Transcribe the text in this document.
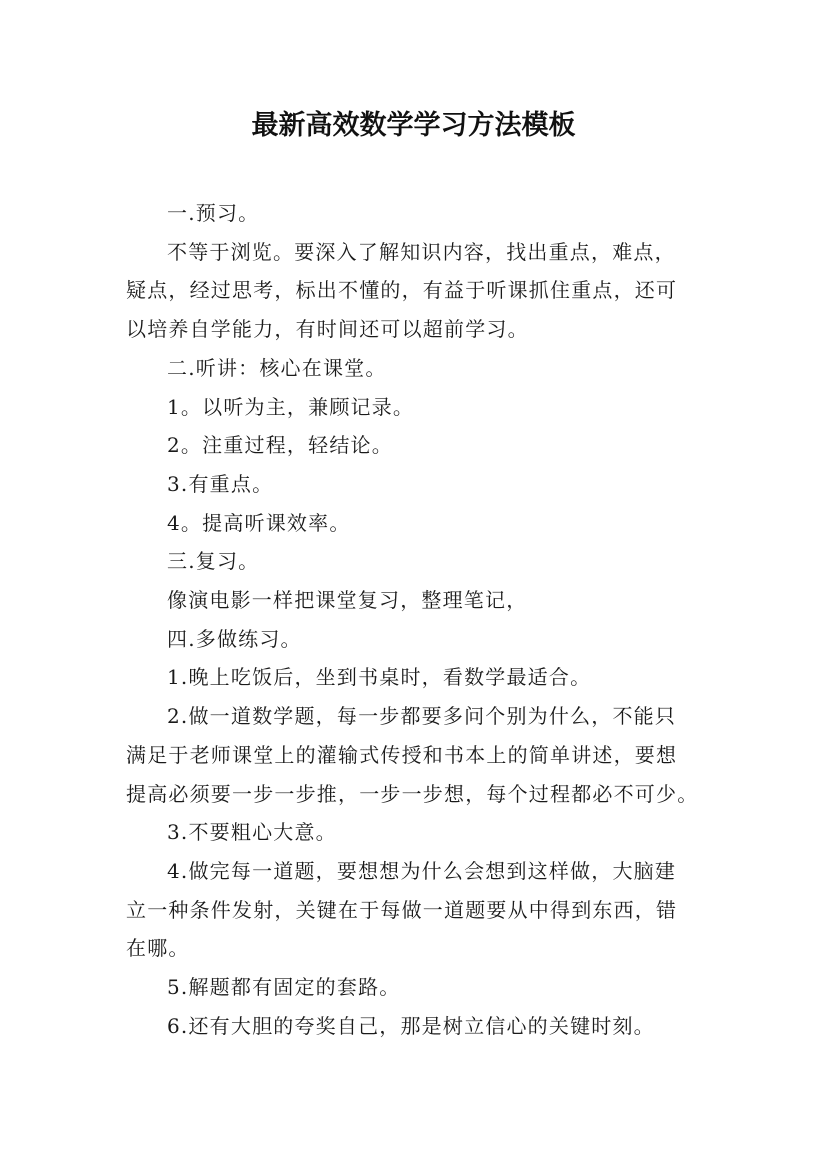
最新高效数学学习方法模板
一.预习。
不等于浏览。要深入了解知识内容，找出重点，难点，
疑点，经过思考，标出不懂的，有益于听课抓住重点，还可
以培养自学能力，有时间还可以超前学习。
二.听讲：核心在课堂。
1。以听为主，兼顾记录。
2。注重过程，轻结论。
3.有重点。
4。提高听课效率。
三.复习。
像演电影一样把课堂复习，整理笔记，
四.多做练习。
1.晚上吃饭后，坐到书桌时，看数学最适合。
2.做一道数学题，每一步都要多问个别为什么，不能只
满足于老师课堂上的灌输式传授和书本上的简单讲述，要想
提高必须要一步一步推，一步一步想，每个过程都必不可少。
3.不要粗心大意。
4.做完每一道题，要想想为什么会想到这样做，大脑建
立一种条件发射，关键在于每做一道题要从中得到东西，错
在哪。
5.解题都有固定的套路。
6.还有大胆的夸奖自己，那是树立信心的关键时刻。
